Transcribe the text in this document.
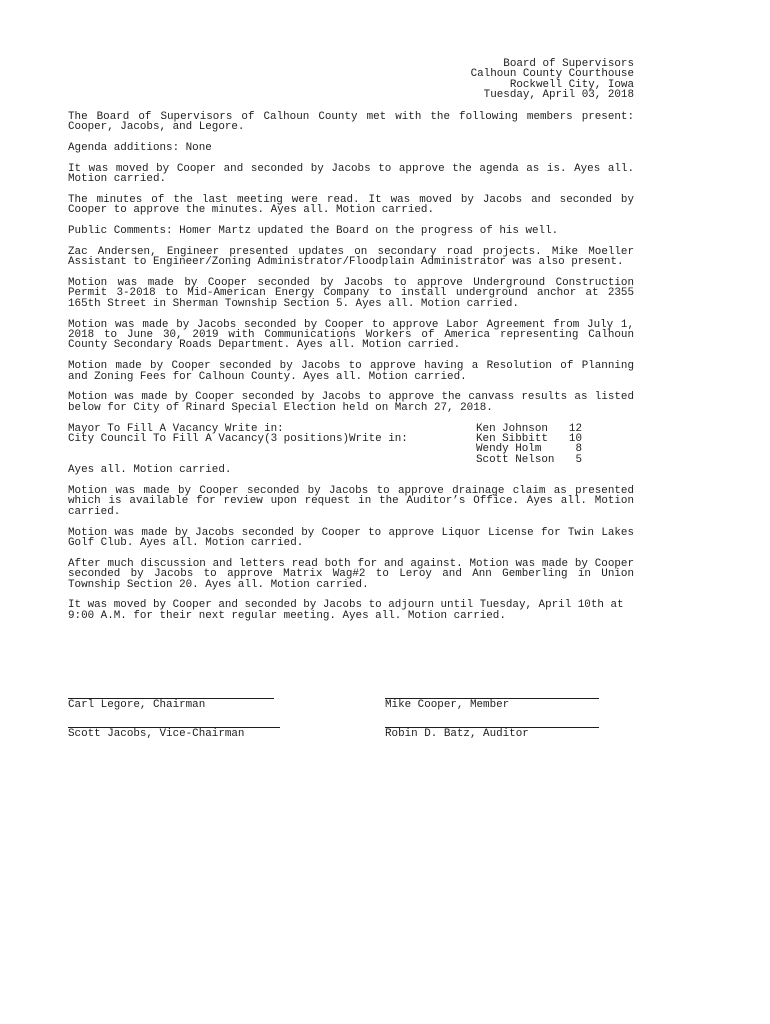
Board of Supervisors
Calhoun County Courthouse
Rockwell City, Iowa
Tuesday, April 03, 2018

The Board of Supervisors of Calhoun County met with the following members present: Cooper, Jacobs, and Legore.

Agenda additions: None

It was moved by Cooper and seconded by Jacobs to approve the agenda as is. Ayes all. Motion carried.

The minutes of the last meeting were read. It was moved by Jacobs and seconded by Cooper to approve the minutes. Ayes all. Motion carried.

Public Comments: Homer Martz updated the Board on the progress of his well.

Zac Andersen, Engineer presented updates on secondary road projects. Mike Moeller Assistant to Engineer/Zoning Administrator/Floodplain Administrator was also present.

Motion was made by Cooper seconded by Jacobs to approve Underground Construction Permit 3-2018 to Mid-American Energy Company to install underground anchor at 2355 165th Street in Sherman Township Section 5. Ayes all. Motion carried.

Motion was made by Jacobs seconded by Cooper to approve Labor Agreement from July 1, 2018 to June 30, 2019 with Communications Workers of America representing Calhoun County Secondary Roads Department. Ayes all. Motion carried.

Motion made by Cooper seconded by Jacobs to approve having a Resolution of Planning and Zoning Fees for Calhoun County. Ayes all. Motion carried.

Motion was made by Cooper seconded by Jacobs to approve the canvass results as listed below for City of Rinard Special Election held on March 27, 2018.

Mayor To Fill A Vacancy Write in:	Ken Johnson	12
City Council To Fill A Vacancy(3 positions)Write in:	Ken Sibbitt	10
Wendy Holm	8
Scott Nelson	5

Ayes all. Motion carried.

Motion was made by Cooper seconded by Jacobs to approve drainage claim as presented which is available for review upon request in the Auditor’s Office. Ayes all. Motion carried.

Motion was made by Jacobs seconded by Cooper to approve Liquor License for Twin Lakes Golf Club. Ayes all. Motion carried.

After much discussion and letters read both for and against. Motion was made by Cooper seconded by Jacobs to approve Matrix Wag#2 to Leroy and Ann Gemberling in Union Township Section 20. Ayes all. Motion carried.

It was moved by Cooper and seconded by Jacobs to adjourn until Tuesday, April 10th at 9:00 A.M. for their next regular meeting. Ayes all. Motion carried.

Carl Legore, Chairman	Mike Cooper, Member
Scott Jacobs, Vice-Chairman	Robin D. Batz, Auditor
